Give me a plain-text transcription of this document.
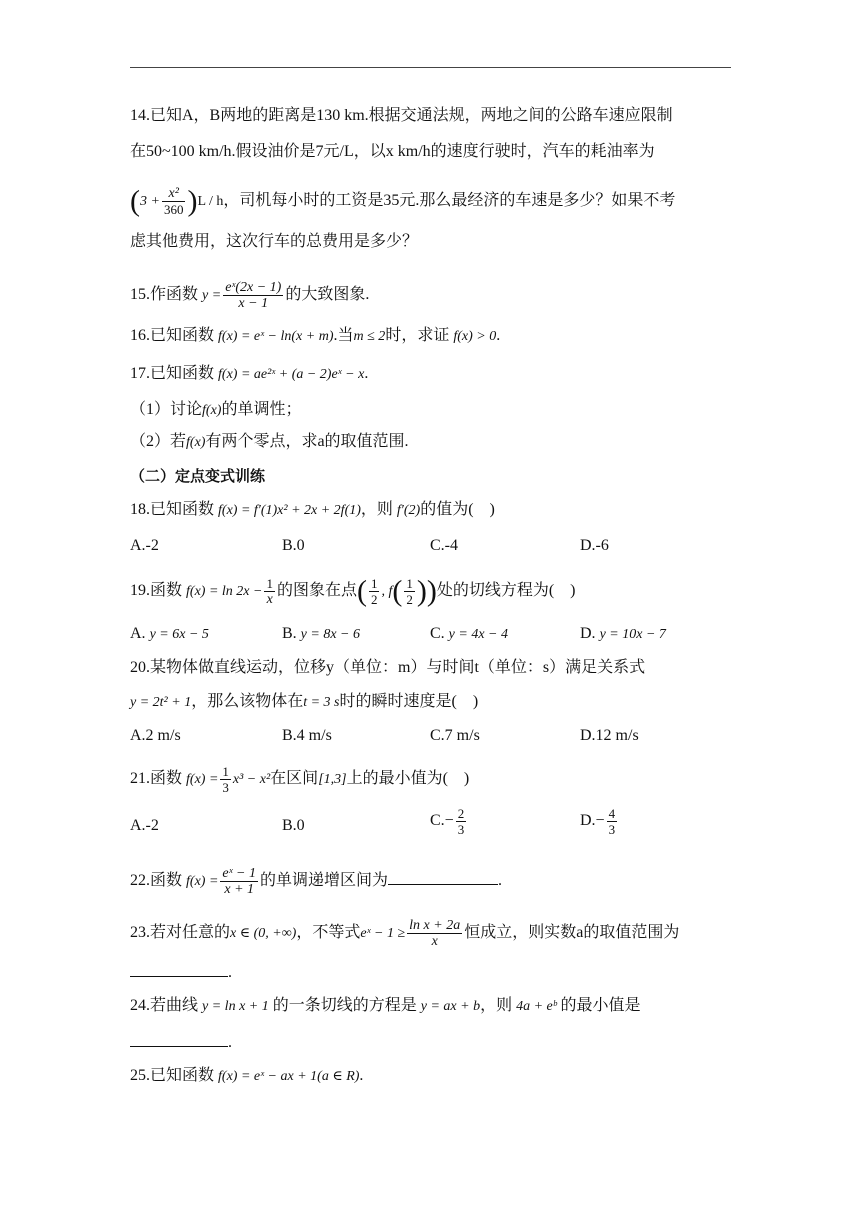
14.已知A，B两地的距离是130 km.根据交通法规，两地之间的公路车速应限制
在50~100 km/h.假设油价是7元/L，以x km/h的速度行驶时，汽车的耗油率为
$(3 + \frac{\text{x²}}{360} )L / h$，司机每小时的工资是35元.那么最经济的车速是多少？如果不考
虑其他费用，这次行车的总费用是多少？
15.作函数 $y = \frac{\text{eˣ(2x − 1)}}{x - 1}$ 的大致图象.
16.已知函数 f(x) = eˣ − ln(x + m).当m ≤ 2时，求证 f(x) > 0.
17.已知函数 f(x) = ae²ˣ + (a − 2)eˣ − x.
（1）讨论f(x)的单调性；
（2）若f(x)有两个零点，求a的取值范围.
（二）定点变式训练
18.已知函数 f(x) = f′(1)x² + 2x + 2f(1)，则 f′(2)的值为(　)
A.-2	B.0	C.-4	D.-6
19.函数 $f(x) = \ln 2x - \frac{1}{x}$ 的图象在点( $\frac{1}{2}$ , $f( \frac{1}{2}$ ))处的切线方程为(　)
A. y = 6x − 5	B. y = 8x − 6	C. y = 4x − 4	D. y = 10x − 7
20.某物体做直线运动，位移y（单位：m）与时间t（单位：s）满足关系式
y = 2t² + 1，那么该物体在t = 3 s时的瞬时速度是(　)
A.2 m/s	B.4 m/s	C.7 m/s	D.12 m/s
21.函数 $f(x) = \frac{1}{3} x^3 - x^2$在区间[1,3]上的最小值为(　)
A.-2	B.0	$C.- \frac{2}{3}$	$D.- \frac{4}{3}$
22.函数 $f(x) = \frac{\text{eˣ − 1}}{x + 1}$ 的单调递增区间为	.
23.若对任意的x ∈ (0, +∞)，不等式eˣ − $1 \ge \frac{\text{ln x + 2a}}{x}$ 恒成立，则实数a的取值范围为
.
24.若曲线 y = ln x + 1 的一条切线的方程是 y = ax + b，则 4a + eᵇ 的最小值是
.
25.已知函数 f(x) = eˣ − ax + 1(a ∈ R).
